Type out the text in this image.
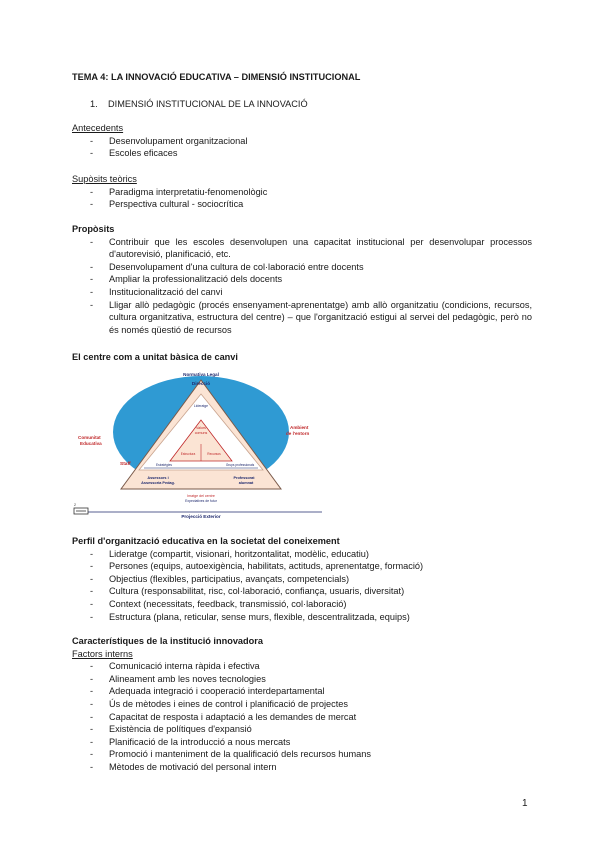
TEMA 4: LA INNOVACIÓ EDUCATIVA – DIMENSIÓ INSTITUCIONAL
1. DIMENSIÓ INSTITUCIONAL DE LA INNOVACIÓ
Antecedents
- Desenvolupament organitzacional
- Escoles eficaces
Supòsits teòrics
- Paradigma interpretatiu-fenomenològic
- Perspectiva cultural - sociocrítica
Propòsits
- Contribuir que les escoles desenvolupen una capacitat institucional per desenvolupar processos d'autorevisió, planificació, etc.
- Desenvolupament d'una cultura de col·laboració entre docents
- Ampliar la professionalització dels docents
- Institucionalització del canvi
- Lligar allò pedagògic (procés ensenyament-aprenentatge) amb allò organitzatiu (condicions, recursos, cultura organitzativa, estructura del centre) – que l'organització estigui al servei del pedagògic, però no és només qüestió de recursos
El centre com a unitat bàsica de canvi
Normativa Legal
Direcció
Comunitat
Educativa
Ambient
de l'entorn
Staff
Lideratge
Valors
comuns
Estructura	Recursos
Estratègies	Grups professionals
Assessors i
Assessoria Pedag.
Professorat
alumnat
Imatge del centre
Expectatives de futur
Projecció Exterior
2
Perfil d'organització educativa en la societat del coneixement
- Lideratge (compartit, visionari, horitzontalitat, modèlic, educatiu)
- Persones (equips, autoexigència, habilitats, actituds, aprenentatge, formació)
- Objectius (flexibles, participatius, avançats, competencials)
- Cultura (responsabilitat, risc, col·laboració, confiança, usuaris, diversitat)
- Context (necessitats, feedback, transmissió, col·laboració)
- Estructura (plana, reticular, sense murs, flexible, descentralitzada, equips)
Característiques de la institució innovadora
Factors interns
- Comunicació interna ràpida i efectiva
- Alineament amb les noves tecnologies
- Adequada integració i cooperació interdepartamental
- Ús de mètodes i eines de control i planificació de projectes
- Capacitat de resposta i adaptació a les demandes de mercat
- Existència de polítiques d'expansió
- Planificació de la introducció a nous mercats
- Promoció i manteniment de la qualificació dels recursos humans
- Mètodes de motivació del personal intern
1
